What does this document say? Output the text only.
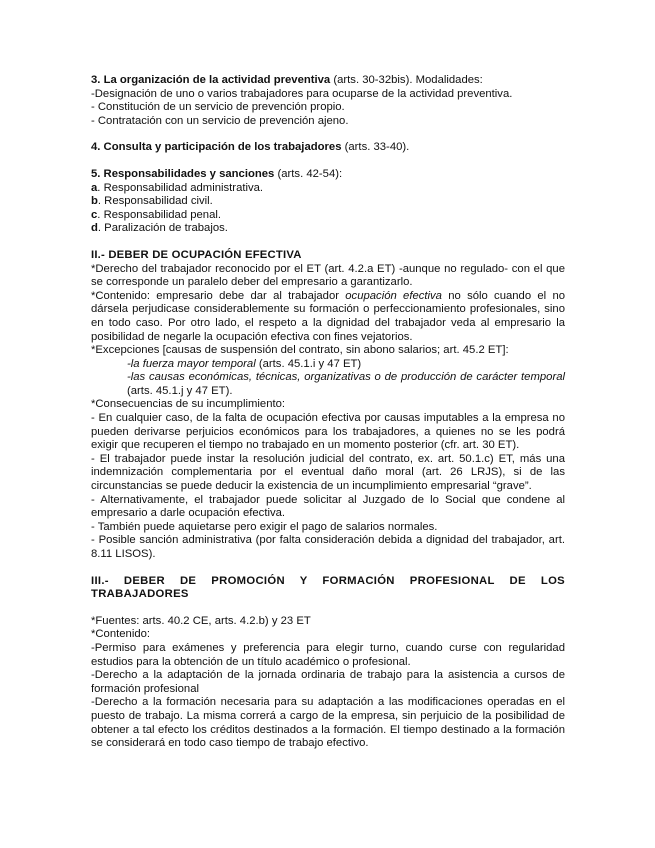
3. La organización de la actividad preventiva (arts. 30-32bis). Modalidades:

-Designación de uno o varios trabajadores para ocuparse de la actividad preventiva.

- Constitución de un servicio de prevención propio.

- Contratación con un servicio de prevención ajeno.

4. Consulta y participación de los trabajadores (arts. 33-40).

5. Responsabilidades y sanciones (arts. 42-54):

a. Responsabilidad administrativa.

b. Responsabilidad civil.

c. Responsabilidad penal.

d. Paralización de trabajos.

II.- DEBER DE OCUPACIÓN EFECTIVA

*Derecho del trabajador reconocido por el ET (art. 4.2.a ET) -aunque no regulado- con el que se corresponde un paralelo deber del empresario a garantizarlo.

*Contenido: empresario debe dar al trabajador ocupación efectiva no sólo cuando el no dársela perjudicase considerablemente su formación o perfeccionamiento profesionales, sino en todo caso. Por otro lado, el respeto a la dignidad del trabajador veda al empresario la posibilidad de negarle la ocupación efectiva con fines vejatorios.

*Excepciones [causas de suspensión del contrato, sin abono salarios; art. 45.2 ET]:

-la fuerza mayor temporal (arts. 45.1.i y 47 ET)

-las causas económicas, técnicas, organizativas o de producción de carácter temporal (arts. 45.1.j y 47 ET).

*Consecuencias de su incumplimiento:

- En cualquier caso, de la falta de ocupación efectiva por causas imputables a la empresa no pueden derivarse perjuicios económicos para los trabajadores, a quienes no se les podrá exigir que recuperen el tiempo no trabajado en un momento posterior (cfr. art. 30 ET).

- El trabajador puede instar la resolución judicial del contrato, ex. art. 50.1.c) ET, más una indemnización complementaria por el eventual daño moral (art. 26 LRJS), si de las circunstancias se puede deducir la existencia de un incumplimiento empresarial “grave”.

- Alternativamente, el trabajador puede solicitar al Juzgado de lo Social que condene al empresario a darle ocupación efectiva.

- También puede aquietarse pero exigir el pago de salarios normales.

- Posible sanción administrativa (por falta consideración debida a dignidad del trabajador, art. 8.11 LISOS).

III.- DEBER DE PROMOCIÓN Y FORMACIÓN PROFESIONAL DE LOS TRABAJADORES

*Fuentes: arts. 40.2 CE, arts. 4.2.b) y 23 ET

*Contenido:

-Permiso para exámenes y preferencia para elegir turno, cuando curse con regularidad estudios para la obtención de un título académico o profesional.

-Derecho a la adaptación de la jornada ordinaria de trabajo para la asistencia a cursos de formación profesional

-Derecho a la formación necesaria para su adaptación a las modificaciones operadas en el puesto de trabajo. La misma correrá a cargo de la empresa, sin perjuicio de la posibilidad de obtener a tal efecto los créditos destinados a la formación. El tiempo destinado a la formación se considerará en todo caso tiempo de trabajo efectivo.
